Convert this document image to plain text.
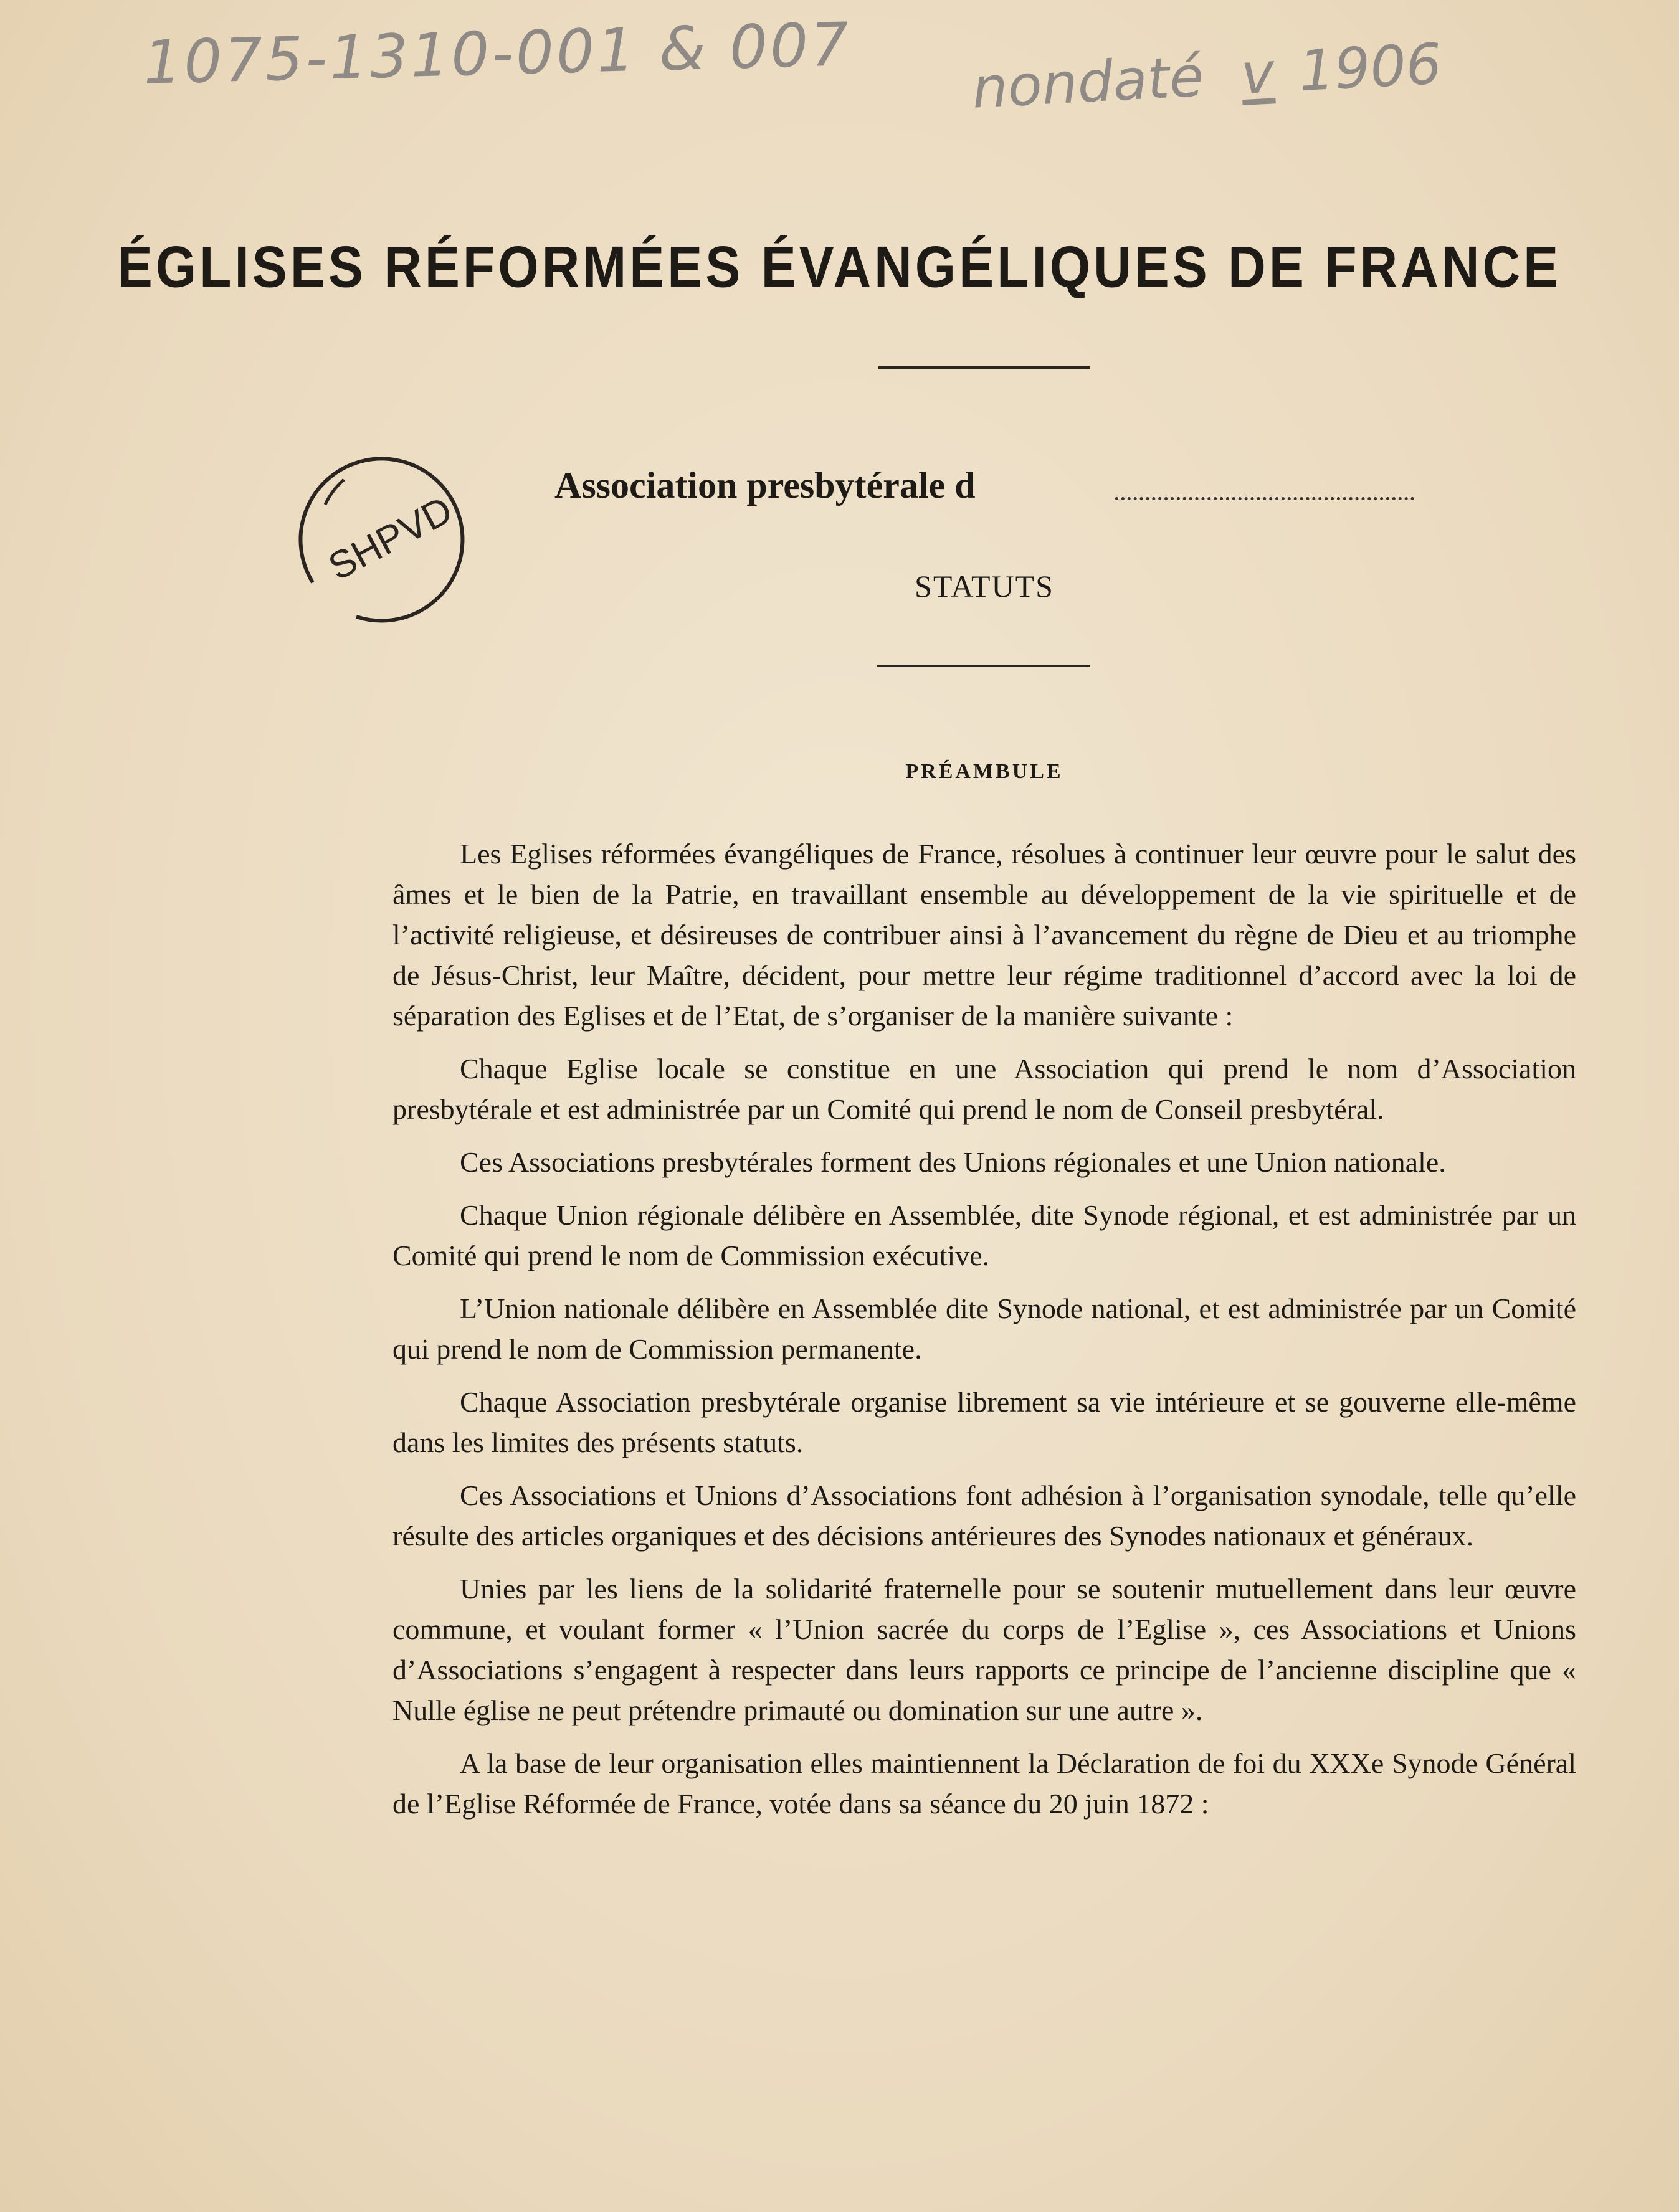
1075-1310-001 & 007 nondaté v 1906
ÉGLISES RÉFORMÉES ÉVANGÉLIQUES DE FRANCE
SHPVD
Association presbytérale d
STATUTS
PRÉAMBULE

Les Eglises réformées évangéliques de France, résolues à continuer leur œuvre pour le salut des âmes et le bien de la Patrie, en travaillant ensemble au développement de la vie spirituelle et de l’activité religieuse, et désireuses de contribuer ainsi à l’avancement du règne de Dieu et au triomphe de Jésus-Christ, leur Maître, décident, pour mettre leur régime traditionnel d’accord avec la loi de séparation des Eglises et de l’Etat, de s’organiser de la manière suivante :

Chaque Eglise locale se constitue en une Association qui prend le nom d’Association presbytérale et est administrée par un Comité qui prend le nom de Conseil presbytéral.

Ces Associations presbytérales forment des Unions régionales et une Union nationale.

Chaque Union régionale délibère en Assemblée, dite Synode régional, et est administrée par un Comité qui prend le nom de Commission exécutive.

L’Union nationale délibère en Assemblée dite Synode national, et est administrée par un Comité qui prend le nom de Commission permanente.

Chaque Association presbytérale organise librement sa vie intérieure et se gouverne elle-même dans les limites des présents statuts.

Ces Associations et Unions d’Associations font adhésion à l’organisation synodale, telle qu’elle résulte des articles organiques et des décisions antérieures des Synodes nationaux et généraux.

Unies par les liens de la solidarité fraternelle pour se soutenir mutuellement dans leur œuvre commune, et voulant former « l’Union sacrée du corps de l’Eglise », ces Associations et Unions d’Associations s’engagent à respecter dans leurs rapports ce principe de l’ancienne discipline que « Nulle église ne peut prétendre primauté ou domination sur une autre ».

A la base de leur organisation elles maintiennent la Déclaration de foi du XXXe Synode Général de l’Eglise Réformée de France, votée dans sa séance du 20 juin 1872 :
